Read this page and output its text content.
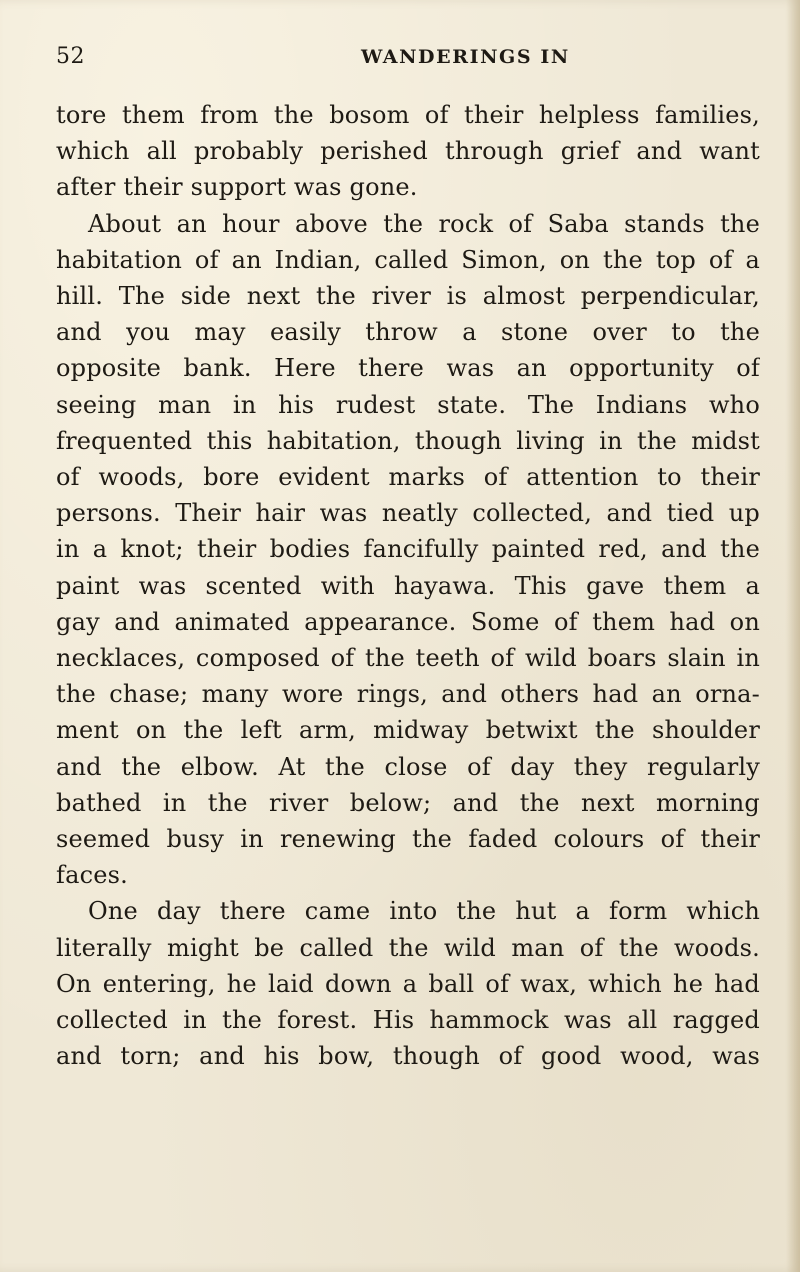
52	WANDERINGS IN

tore them from the bosom of their helpless families,
which all probably perished through grief and want
after their support was gone.

About an hour above the rock of Saba stands the
habitation of an Indian, called Simon, on the top of a
hill. The side next the river is almost perpendicular,
and you may easily throw a stone over to the
opposite bank. Here there was an opportunity of
seeing man in his rudest state. The Indians who
frequented this habitation, though living in the midst
of woods, bore evident marks of attention to their
persons. Their hair was neatly collected, and tied up
in a knot; their bodies fancifully painted red, and the
paint was scented with hayawa. This gave them a
gay and animated appearance. Some of them had on
necklaces, composed of the teeth of wild boars slain in
the chase; many wore rings, and others had an orna-
ment on the left arm, midway betwixt the shoulder
and the elbow. At the close of day they regularly
bathed in the river below; and the next morning
seemed busy in renewing the faded colours of their
faces.

One day there came into the hut a form which
literally might be called the wild man of the woods.
On entering, he laid down a ball of wax, which he had
collected in the forest. His hammock was all ragged
and torn; and his bow, though of good wood, was
